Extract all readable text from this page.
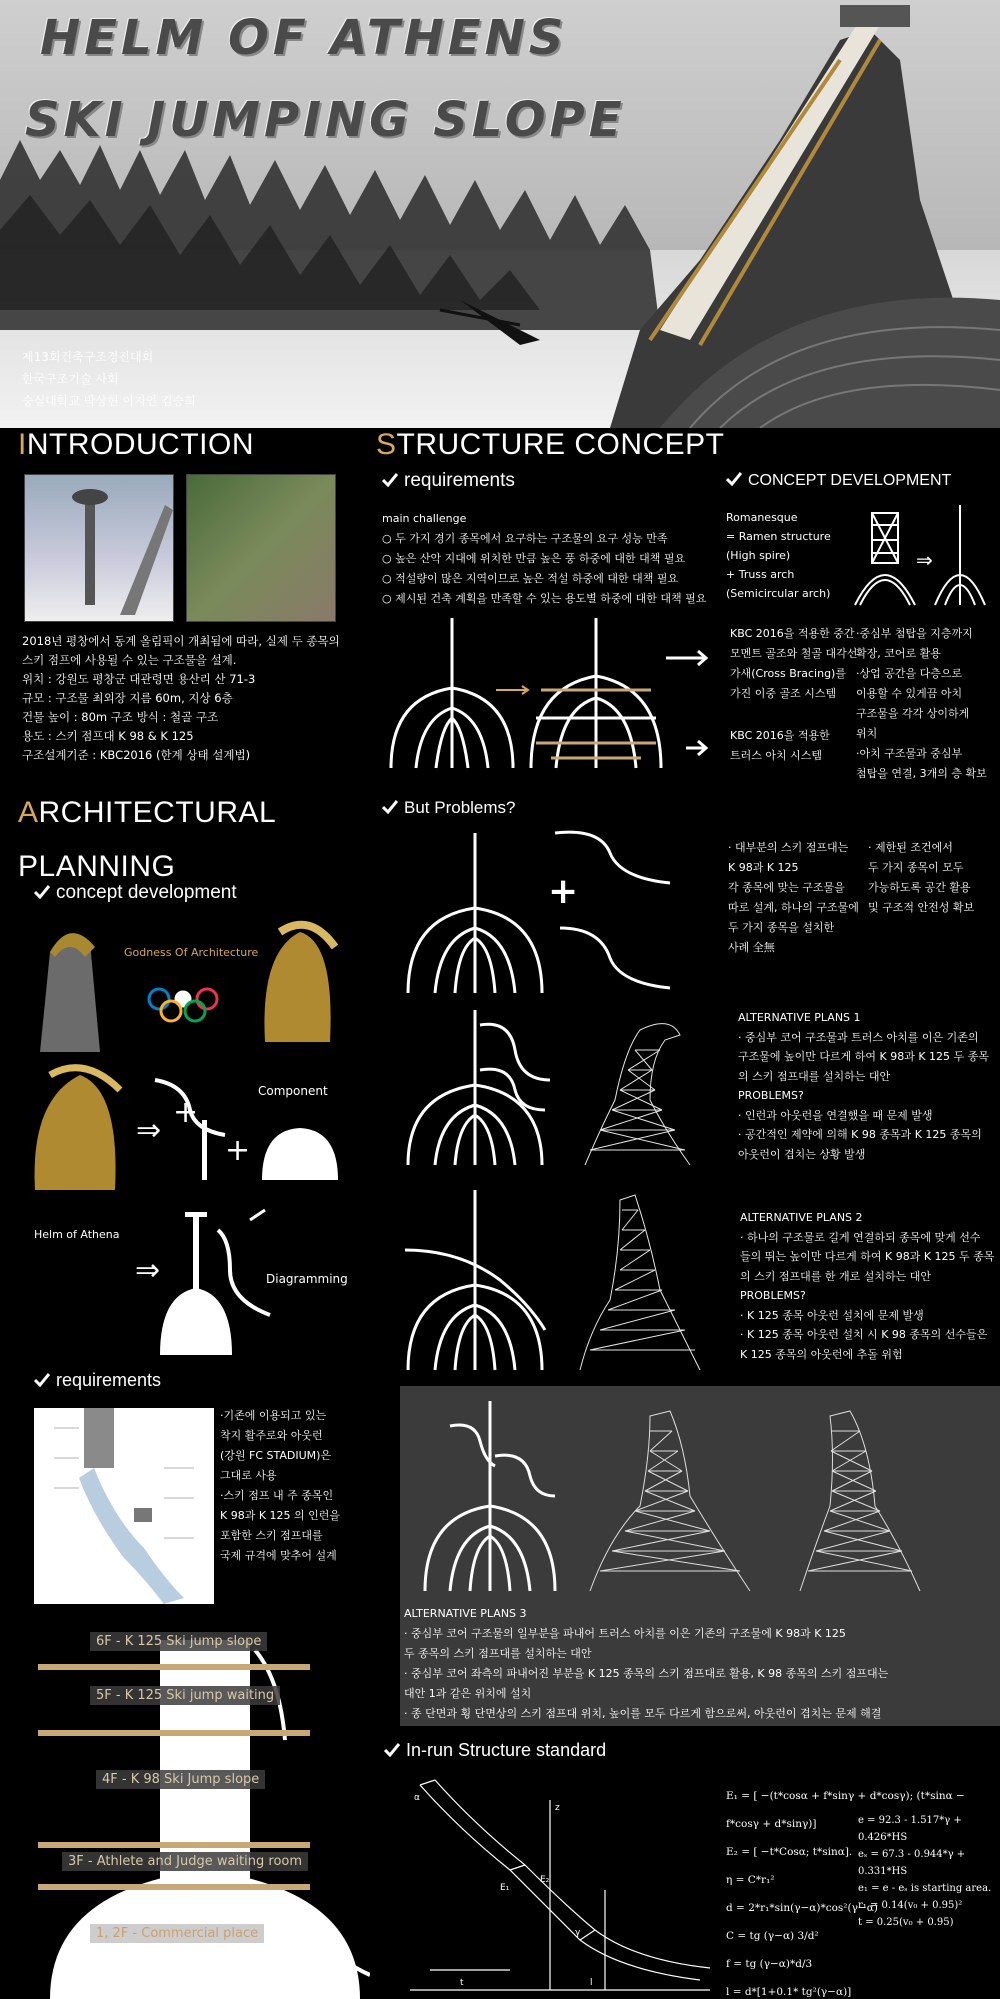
HELM OF ATHENS
SKI JUMPING SLOPE
제13회건축구조경진대회
한국구조기술 사회
숭실대학교 박상현 이지언 김승희
INTRODUCTION
2018년 평창에서 동계 올림픽이 개최됨에 따라, 실제 두 종목의
스키 점프에 사용될 수 있는 구조물을 설계.
위치 : 강원도 평창군 대관령면 용산리 산 71-3
규모 : 구조물 최외장 지름 60m, 지상 6층
건물 높이 : 80m 구조 방식 : 철골 구조
용도 : 스키 점프대 K 98 & K 125
구조설계기준 : KBC2016 (한계 상태 설계법)
ARCHITECTURAL
PLANNING
concept development
Godness Of Architecture
⇒
+
+
Component
Helm of Athena
⇒	Diagramming
requirements
·기존에 이용되고 있는
착지 활주로와 아웃런
(강원 FC STADIUM)은
그대로 사용
·스키 점프 내 주 종목인
K 98과 K 125 의 인런을
포함한 스키 점프대를
국제 규격에 맞추어 설계
6F - K 125 Ski jump slope
5F - K 125 Ski jump waiting
4F - K 98 Ski Jump slope
3F - Athlete and Judge waiting room
1, 2F - Commercial place
STRUCTURE CONCEPT
requirements
main challenge
○ 두 가지 경기 종목에서 요구하는 구조물의 요구 성능 만족
○ 높은 산악 지대에 위치한 만큼 높은 풍 하중에 대한 대책 필요
○ 적설량이 많은 지역이므로 높은 적설 하중에 대한 대책 필요
○ 제시된 건축 계획을 만족할 수 있는 용도별 하중에 대한 대책 필요
CONCEPT DEVELOPMENT
Romanesque
= Ramen structure
(High spire)
+ Truss arch
(Semicircular arch)
⇒
KBC 2016을 적용한 중간
모멘트 골조와 철골 대각선
가새(Cross Bracing)를
가진 이중 골조 시스템
KBC 2016을 적용한
트러스 아치 시스템
·중심부 첨탑을 지층까지
확장, 코어로 활용
·상업 공간을 다층으로
이용할 수 있게끔 아치
구조물을 각각 상이하게
위치
·아치 구조물과 중심부
첨탑을 연결, 3개의 층 확보
But Problems?
+
· 대부분의 스키 점프대는
K 98과 K 125
각 종목에 맞는 구조물을
따로 설계, 하나의 구조물에
두 가지 종목을 설치한
사례 全無
· 제한된 조건에서
두 가지 종목이 모두
가능하도록 공간 활용
및 구조적 안전성 확보
ALTERNATIVE PLANS 1
· 중심부 코어 구조물과 트러스 아치를 이은 기존의
구조물에 높이만 다르게 하여 K 98과 K 125 두 종목
의 스키 점프대를 설치하는 대안
PROBLEMS?
· 인런과 아웃런을 연결했을 때 문제 발생
· 공간적인 제약에 의해 K 98 종목과 K 125 종목의
아웃런이 겹치는 상황 발생
ALTERNATIVE PLANS 2
· 하나의 구조물로 길게 연결하되 종목에 맞게 선수
들의 뛰는 높이만 다르게 하여 K 98과 K 125 두 종목
의 스키 점프대를 한 개로 설치하는 대안
PROBLEMS?
· K 125 종목 아웃런 설치에 문제 발생
· K 125 종목 아웃런 설치 시 K 98 종목의 선수들은
K 125 종목의 아웃런에 추돌 위험
ALTERNATIVE PLANS 3
· 중심부 코어 구조물의 일부분을 파내어 트러스 아치를 이은 기존의 구조물에 K 98과 K 125
두 종목의 스키 점프대를 설치하는 대안
· 중심부 코어 좌측의 파내어진 부분을 K 125 종목의 스키 점프대로 활용, K 98 종목의 스키 점프대는
대안 1과 같은 위치에 설치
· 종 단면과 횡 단면상의 스키 점프대 위치, 높이를 모두 다르게 함으로써, 아웃런이 겹치는 문제 해결
In-run Structure standard
α
E₁
E₂
γ
z
t	l
E₁ = [ −(t*cosα + f*sinγ + d*cosγ); (t*sinα − f*cosγ + d*sinγ)]
E₂ = [ −t*Cosα; t*sinα].
η = C*r₁²
d = 2*r₁*sin(γ−α)*cos²(γ−α)
C = tg (γ−α) 3/d²
f = tg (γ−α)*d/3
l = d*[1+0.1* tg²(γ−α)]
e = 92.3 - 1.517*γ + 0.426*HS
eₛ = 67.3 - 0.944*γ + 0.331*HS
e₁ = e - eₛ is starting area.
r₁ = 0.14(v₀ + 0.95)²
t = 0.25(v₀ + 0.95)
